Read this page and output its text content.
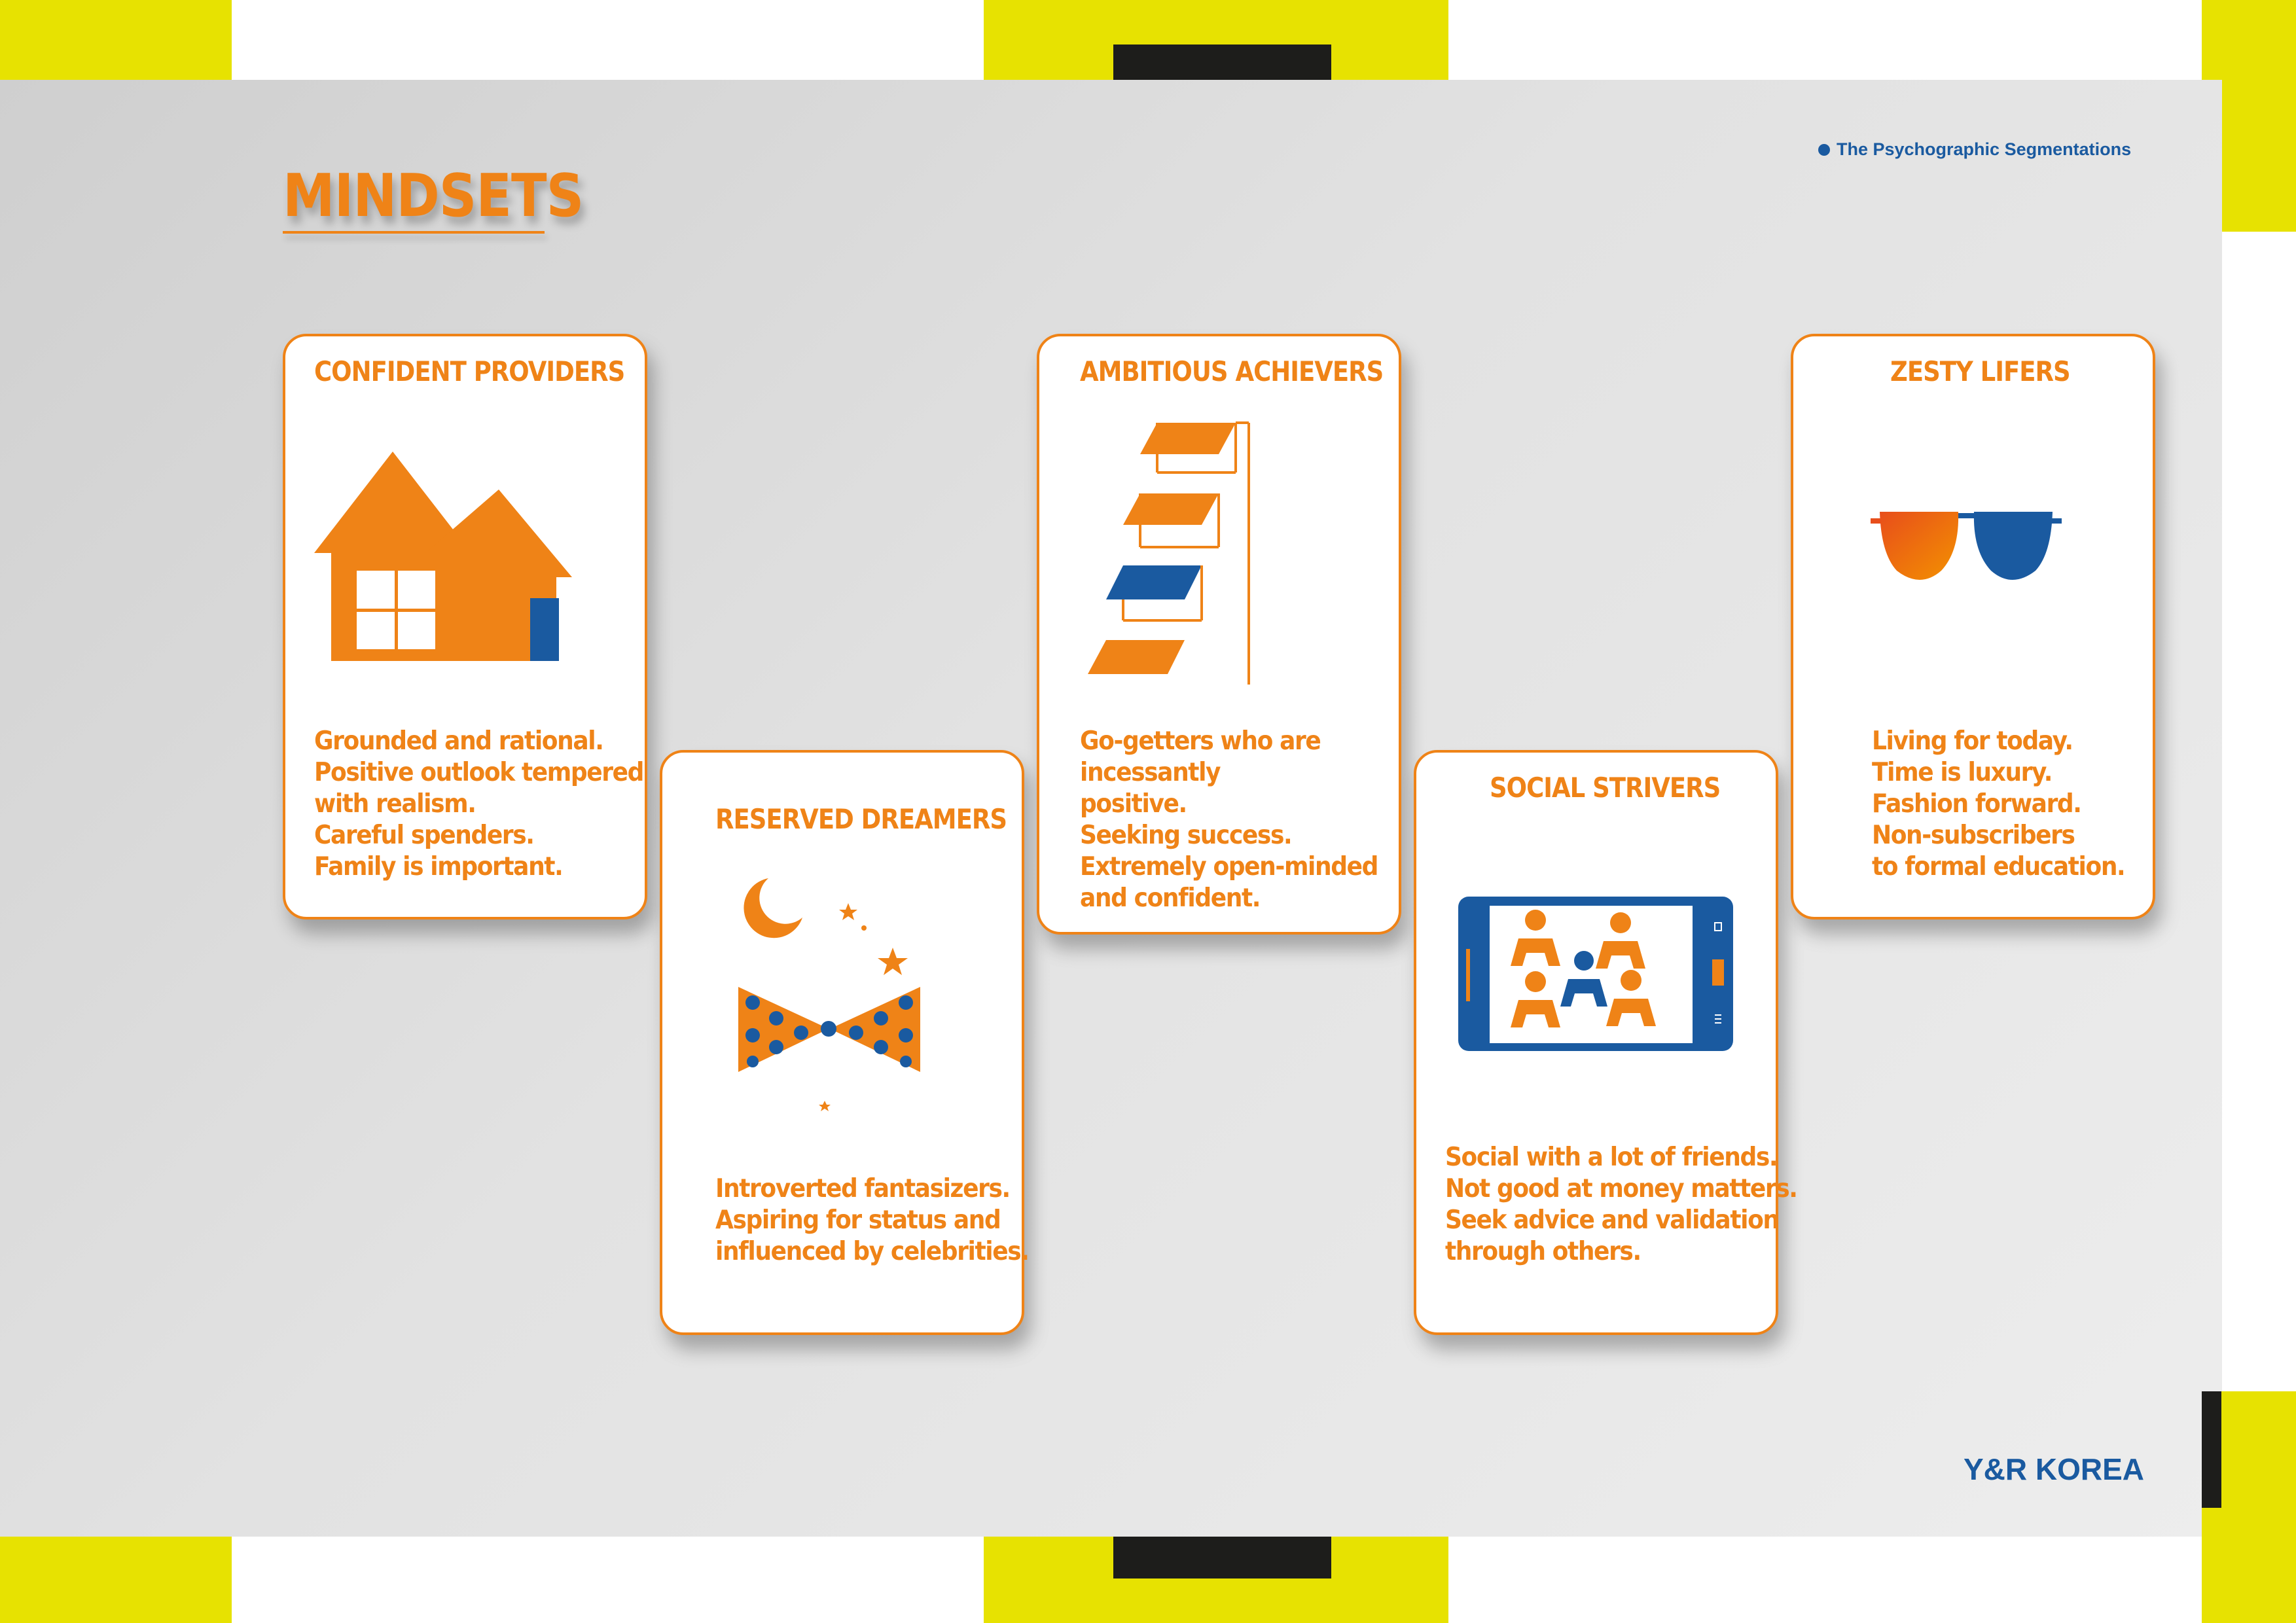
MINDSETS
The Psychographic Segmentations
Y&R KOREA
CONFIDENT PROVIDERS
Grounded and rational.
Positive outlook tempered
with realism.
Careful spenders.
Family is important.
RESERVED DREAMERS
Introverted fantasizers.
Aspiring for status and
influenced by celebrities.
AMBITIOUS ACHIEVERS
Go-getters who are
incessantly
positive.
Seeking success.
Extremely open-minded
and confident.
SOCIAL STRIVERS
Social with a lot of friends.
Not good at money matters.
Seek advice and validation
through others.
ZESTY LIFERS
Living for today.
Time is luxury.
Fashion forward.
Non-subscribers
to formal education.
